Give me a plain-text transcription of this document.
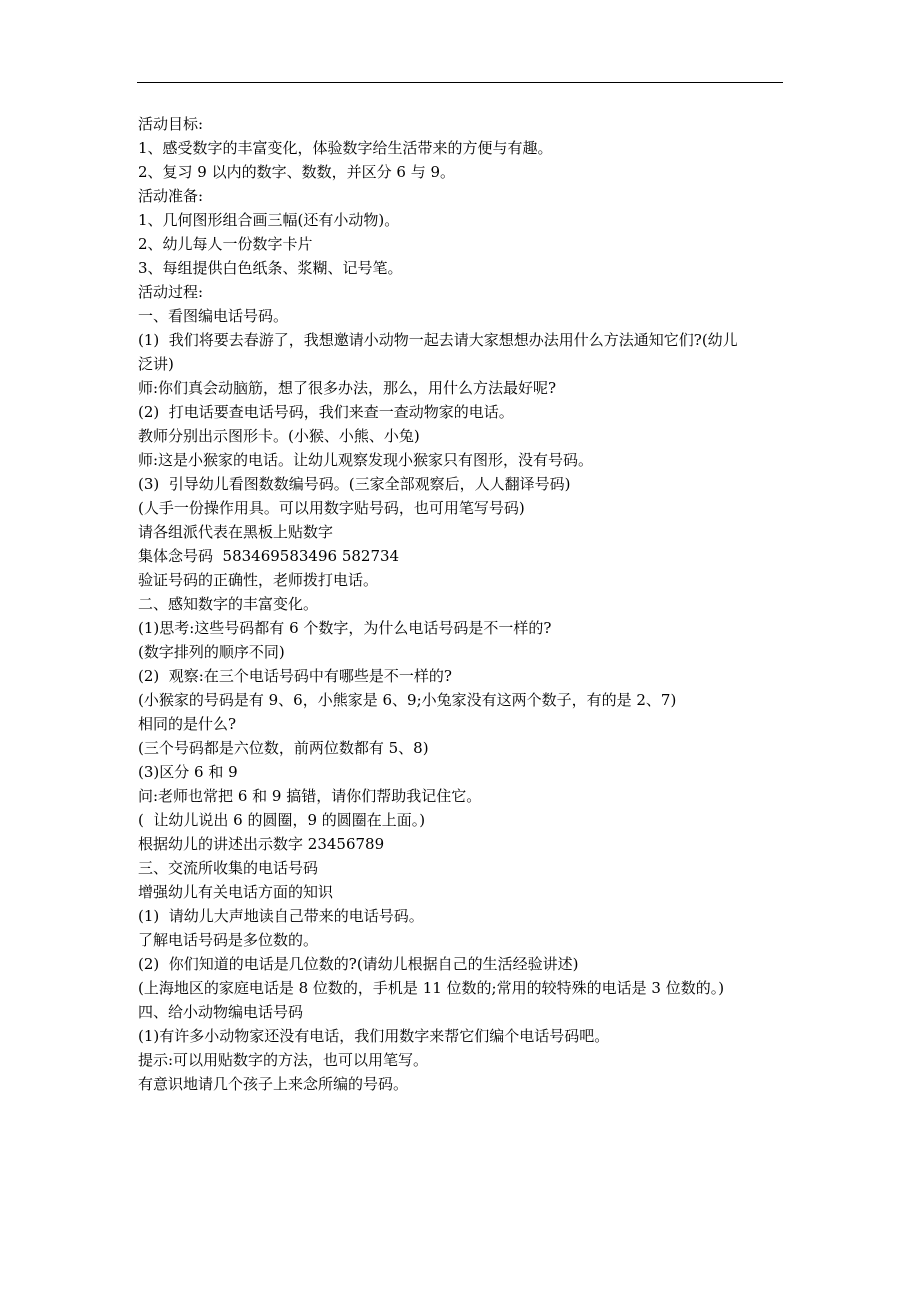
活动目标:

1、感受数字的丰富变化，体验数字给生活带来的方便与有趣。

2、复习 9 以内的数字、数数，并区分 6 与 9。

活动准备:

1、几何图形组合画三幅(还有小动物)。

2、幼儿每人一份数字卡片

3、每组提供白色纸条、浆糊、记号笔。

活动过程:

一、看图编电话号码。

(1)  我们将要去春游了，我想邀请小动物一起去请大家想想办法用什么方法通知它们?(幼儿

泛讲)

师:你们真会动脑筋，想了很多办法，那么，用什么方法最好呢?

(2)  打电话要查电话号码，我们来查一查动物家的电话。

教师分别出示图形卡。(小猴、小熊、小兔)

师:这是小猴家的电话。让幼儿观察发现小猴家只有图形，没有号码。

(3)  引导幼儿看图数数编号码。(三家全部观察后，人人翻译号码)

(人手一份操作用具。可以用数字贴号码，也可用笔写号码)

请各组派代表在黑板上贴数字

集体念号码  583469583496 582734

验证号码的正确性，老师拨打电话。

二、感知数字的丰富变化。

(1)思考:这些号码都有 6 个数字，为什么电话号码是不一样的?

(数字排列的顺序不同)

(2)  观察:在三个电话号码中有哪些是不一样的?

(小猴家的号码是有 9、6，小熊家是 6、9;小兔家没有这两个数子，有的是 2、7)

相同的是什么?

(三个号码都是六位数，前两位数都有 5、8)

(3)区分 6 和 9

问:老师也常把 6 和 9 搞错，请你们帮助我记住它。

(  让幼儿说出 6 的圆圈，9 的圆圈在上面。)

根据幼儿的讲述出示数字 23456789

三、交流所收集的电话号码

增强幼儿有关电话方面的知识

(1)  请幼儿大声地读自己带来的电话号码。

了解电话号码是多位数的。

(2)  你们知道的电话是几位数的?(请幼儿根据自己的生活经验讲述)

(上海地区的家庭电话是 8 位数的，手机是 11 位数的;常用的较特殊的电话是 3 位数的。)

四、给小动物编电话号码

(1)有许多小动物家还没有电话，我们用数字来帮它们编个电话号码吧。

提示:可以用贴数字的方法，也可以用笔写。

有意识地请几个孩子上来念所编的号码。
